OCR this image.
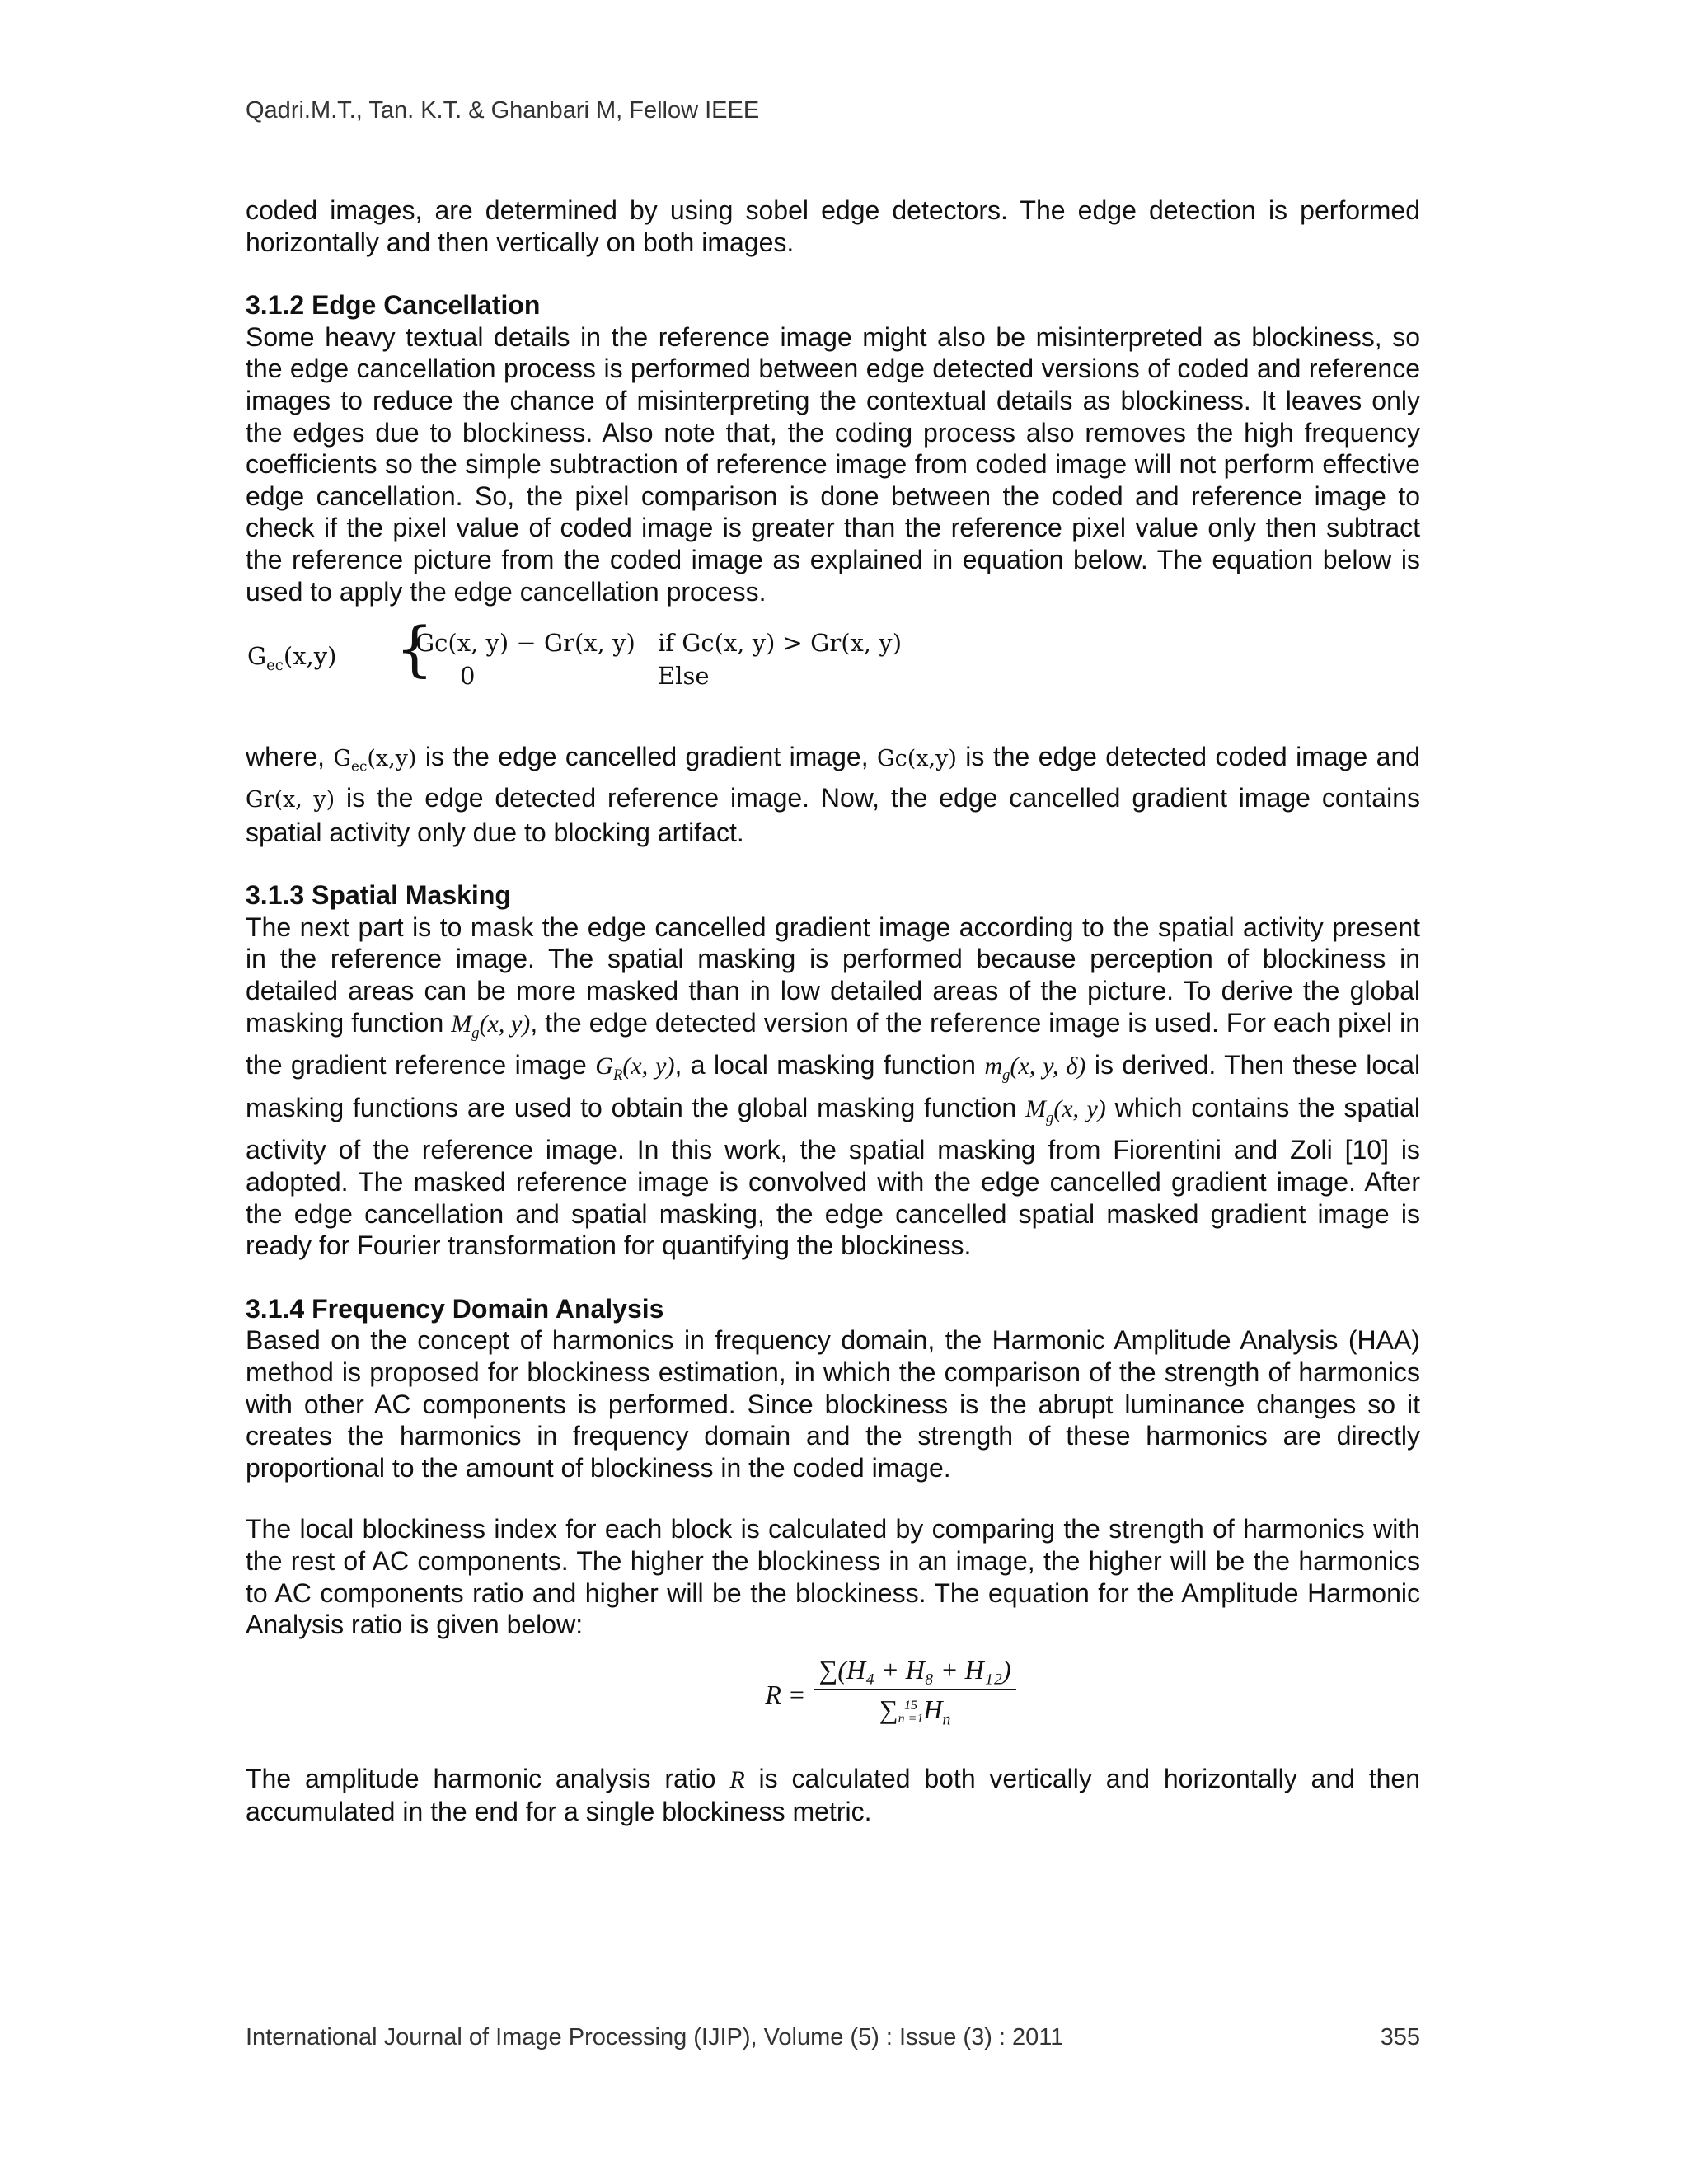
Qadri.M.T., Tan. K.T. & Ghanbari M, Fellow IEEE

coded images, are determined by using sobel edge detectors. The edge detection is performed horizontally and then vertically on both images.

3.1.2 Edge Cancellation

Some heavy textual details in the reference image might also be misinterpreted as blockiness, so the edge cancellation process is performed between edge detected versions of coded and reference images to reduce the chance of misinterpreting the contextual details as blockiness. It leaves only the edges due to blockiness. Also note that, the coding process also removes the high frequency coefficients so the simple subtraction of reference image from coded image will not perform effective edge cancellation. So, the pixel comparison is done between the coded and reference image to check if the pixel value of coded image is greater than the reference pixel value only then subtract the reference picture from the coded image as explained in equation below. The equation below is used to apply the edge cancellation process.

$G_{ec}(x,y)$ {
Gc(x, y) − Gr(x, y)
0
if Gc(x, y) > Gr(x, y)
Else

where, $G_{ec}(x,y)$ is the edge cancelled gradient image, Gc(x,y) is the edge detected coded image and Gr(x, y) is the edge detected reference image. Now, the edge cancelled gradient image contains spatial activity only due to blocking artifact.

3.1.3 Spatial Masking

The next part is to mask the edge cancelled gradient image according to the spatial activity present in the reference image. The spatial masking is performed because perception of blockiness in detailed areas can be more masked than in low detailed areas of the picture. To derive the global masking function $M_g(x$, y), the edge detected version of the reference image is used. For each pixel in the gradient reference image $G_R(x$, y), a local masking function $m_g(x$, y, δ) is derived. Then these local masking functions are used to obtain the global masking function $M_g(x$, y) which contains the spatial activity of the reference image. In this work, the spatial masking from Fiorentini and Zoli [10] is adopted. The masked reference image is convolved with the edge cancelled gradient image. After the edge cancellation and spatial masking, the edge cancelled spatial masked gradient image is ready for Fourier transformation for quantifying the blockiness.

3.1.4 Frequency Domain Analysis

Based on the concept of harmonics in frequency domain, the Harmonic Amplitude Analysis (HAA) method is proposed for blockiness estimation, in which the comparison of the strength of harmonics with other AC components is performed. Since blockiness is the abrupt luminance changes so it creates the harmonics in frequency domain and the strength of these harmonics are directly proportional to the amount of blockiness in the coded image.

The local blockiness index for each block is calculated by comparing the strength of harmonics with the rest of AC components. The higher the blockiness in an image, the higher will be the harmonics to AC components ratio and higher will be the blockiness. The equation for the Amplitude Harmonic Analysis ratio is given below:

R = ∑(H₄ + H₈ + H₁₂)
∑ 15
n =1 $H_n$

The amplitude harmonic analysis ratio R is calculated both vertically and horizontally and then accumulated in the end for a single blockiness metric.

International Journal of Image Processing (IJIP), Volume (5) : Issue (3) : 2011	355
